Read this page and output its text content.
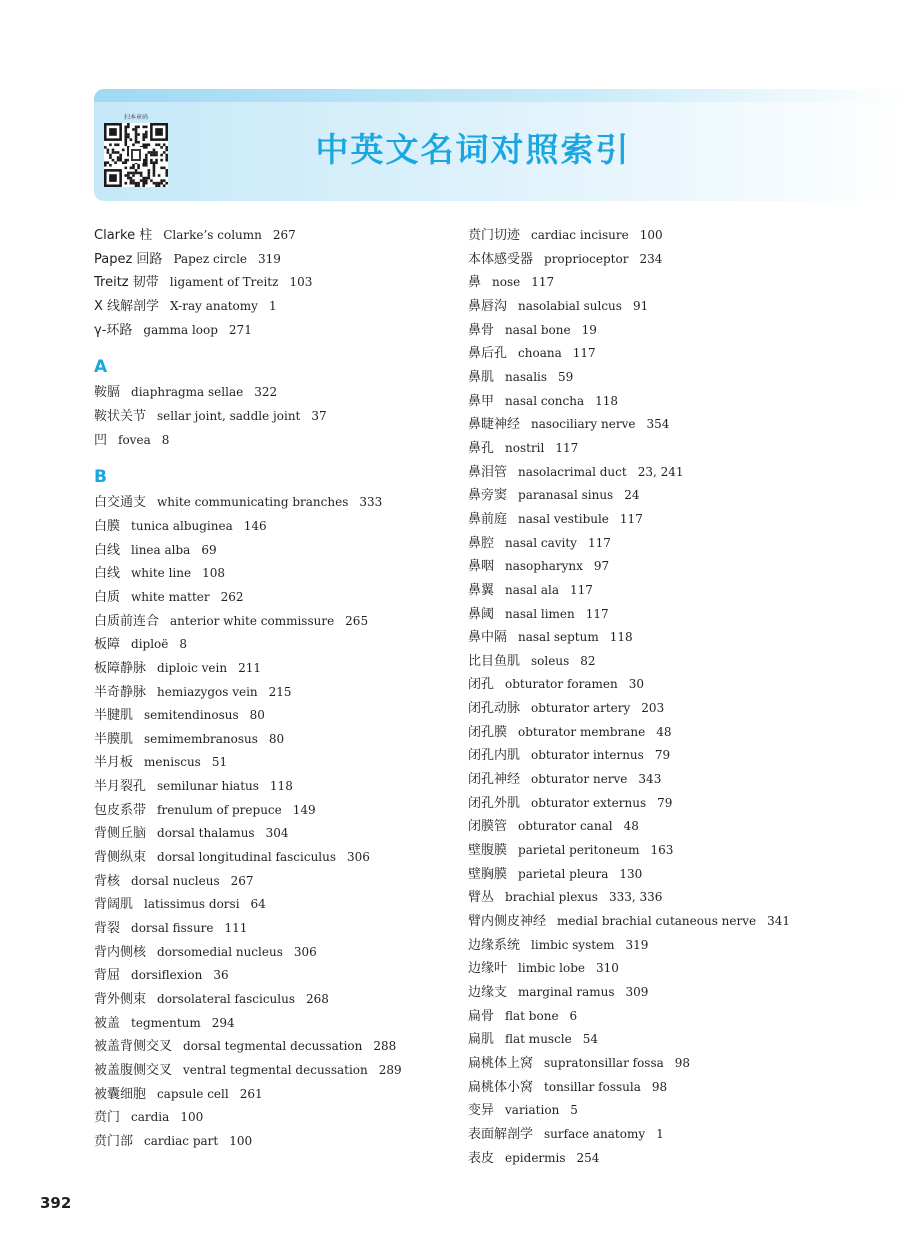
扫本章码
中英文名词对照索引
Clarke 柱 Clarke’s column 267
Papez 回路 Papez circle 319
Treitz 韧带 ligament of Treitz 103
X 线解剖学 X-ray anatomy 1
γ-环路 gamma loop 271
A
鞍膈 diaphragma sellae 322
鞍状关节 sellar joint, saddle joint 37
凹 fovea 8
B
白交通支 white communicating branches 333
白膜 tunica albuginea 146
白线 linea alba 69
白线 white line 108
白质 white matter 262
白质前连合 anterior white commissure 265
板障 diploë 8
板障静脉 diploic vein 211
半奇静脉 hemiazygos vein 215
半腱肌 semitendinosus 80
半膜肌 semimembranosus 80
半月板 meniscus 51
半月裂孔 semilunar hiatus 118
包皮系带 frenulum of prepuce 149
背侧丘脑 dorsal thalamus 304
背侧纵束 dorsal longitudinal fasciculus 306
背核 dorsal nucleus 267
背阔肌 latissimus dorsi 64
背裂 dorsal fissure 111
背内侧核 dorsomedial nucleus 306
背屈 dorsiflexion 36
背外侧束 dorsolateral fasciculus 268
被盖 tegmentum 294
被盖背侧交叉 dorsal tegmental decussation 288
被盖腹侧交叉 ventral tegmental decussation 289
被囊细胞 capsule cell 261
贲门 cardia 100
贲门部 cardiac part 100
贲门切迹 cardiac incisure 100
本体感受器 proprioceptor 234
鼻 nose 117
鼻唇沟 nasolabial sulcus 91
鼻骨 nasal bone 19
鼻后孔 choana 117
鼻肌 nasalis 59
鼻甲 nasal concha 118
鼻睫神经 nasociliary nerve 354
鼻孔 nostril 117
鼻泪管 nasolacrimal duct 23, 241
鼻旁窦 paranasal sinus 24
鼻前庭 nasal vestibule 117
鼻腔 nasal cavity 117
鼻咽 nasopharynx 97
鼻翼 nasal ala 117
鼻阈 nasal limen 117
鼻中隔 nasal septum 118
比目鱼肌 soleus 82
闭孔 obturator foramen 30
闭孔动脉 obturator artery 203
闭孔膜 obturator membrane 48
闭孔内肌 obturator internus 79
闭孔神经 obturator nerve 343
闭孔外肌 obturator externus 79
闭膜管 obturator canal 48
壁腹膜 parietal peritoneum 163
壁胸膜 parietal pleura 130
臂丛 brachial plexus 333, 336
臂内侧皮神经 medial brachial cutaneous nerve 341
边缘系统 limbic system 319
边缘叶 limbic lobe 310
边缘支 marginal ramus 309
扁骨 flat bone 6
扁肌 flat muscle 54
扁桃体上窝 supratonsillar fossa 98
扁桃体小窝 tonsillar fossula 98
变异 variation 5
表面解剖学 surface anatomy 1
表皮 epidermis 254
392
